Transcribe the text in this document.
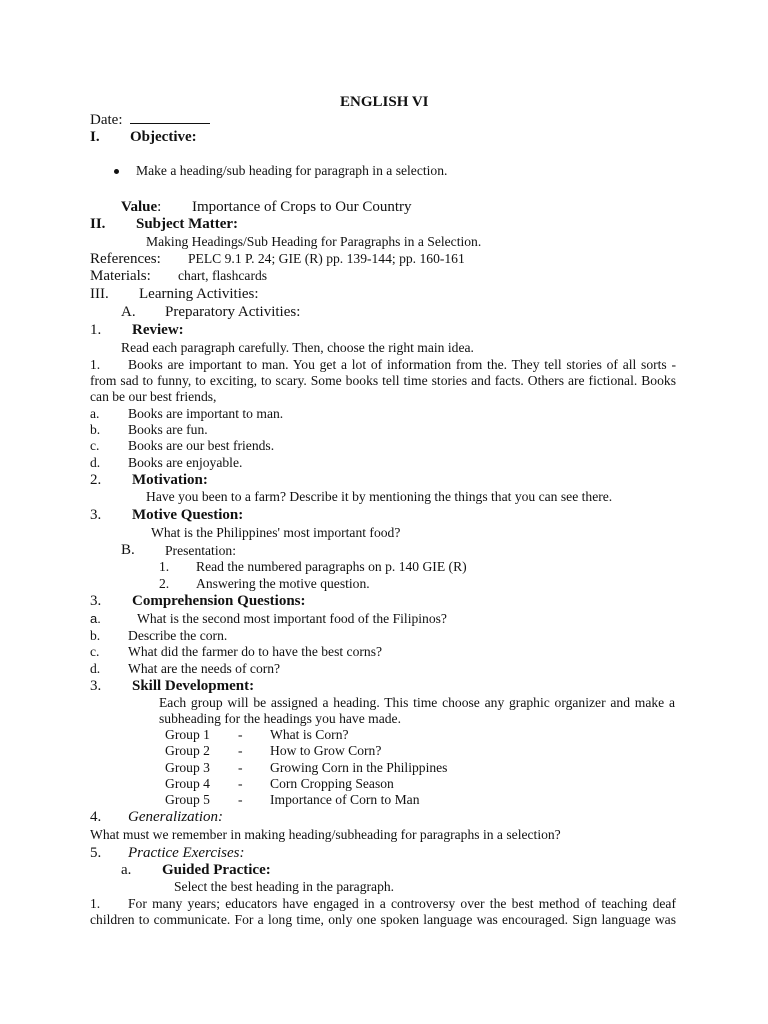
ENGLISH VI
Date:
I. Objective:
Make a heading/sub heading for paragraph in a selection.
Value: Importance of Crops to Our Country
II. Subject Matter:
Making Headings/Sub Heading for Paragraphs in a Selection.
References: PELC 9.1 P. 24; GIE (R) pp. 139-144; pp. 160-161
Materials: chart, flashcards
III. Learning Activities:
A. Preparatory Activities:
1. Review:
Read each paragraph carefully. Then, choose the right main idea.
1. Books are important to man. You get a lot of information from the. They tell stories of all sorts -
from sad to funny, to exciting, to scary. Some books tell time stories and facts. Others are fictional. Books
can be our best friends,
a. Books are important to man.
b. Books are fun.
c. Books are our best friends.
d. Books are enjoyable.
2. Motivation:
Have you been to a farm? Describe it by mentioning the things that you can see there.
3. Motive Question:
What is the Philippines' most important food?
B. Presentation:
1. Read the numbered paragraphs on p. 140 GIE (R)
2. Answering the motive question.
3. Comprehension Questions:
a.	What is the second most important food of the Filipinos?
b. Describe the corn.
c. What did the farmer do to have the best corns?
d. What are the needs of corn?
3. Skill Development:
Each group will be assigned a heading. This time choose any graphic organizer and make a
subheading for the headings you have made.
Group 1 - What is Corn?
Group 2 - How to Grow Corn?
Group 3 - Growing Corn in the Philippines
Group 4 - Corn Cropping Season
Group 5 - Importance of Corn to Man
4. Generalization:
What must we remember in making heading/subheading for paragraphs in a selection?
5. Practice Exercises:
a. Guided Practice:
Select the best heading in the paragraph.
1. For many years; educators have engaged in a controversy over the best method of teaching deaf
children to communicate. For a long time, only one spoken language was encouraged. Sign language was
